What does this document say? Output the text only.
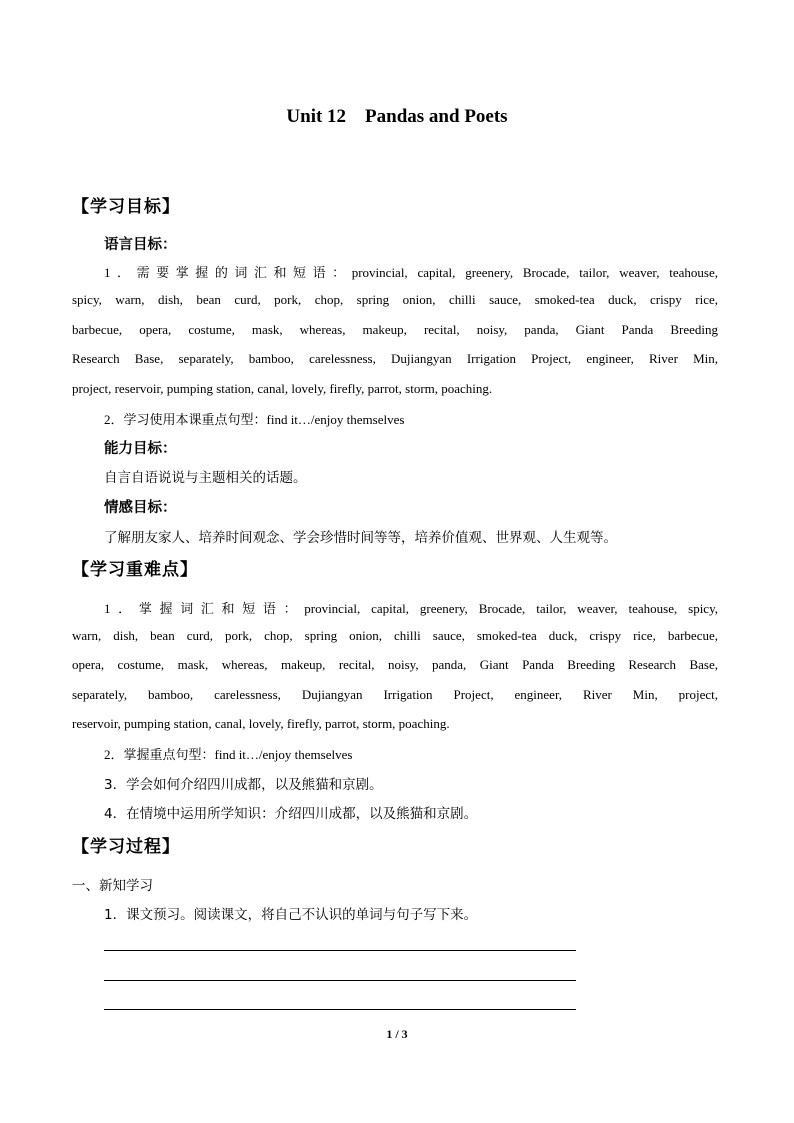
Unit 12    Pandas and Poets
【学习目标】
语言目标：
1．需要掌握的词汇和短语：provincial, capital, greenery, Brocade, tailor, weaver, teahouse,
spicy, warn, dish, bean curd, pork, chop, spring onion, chilli sauce, smoked-tea duck, crispy rice,
barbecue, opera, costume, mask, whereas, makeup, recital, noisy, panda, Giant Panda Breeding
Research Base, separately, bamboo, carelessness, Dujiangyan Irrigation Project, engineer, River Min,
project, reservoir, pumping station, canal, lovely, firefly, parrot, storm, poaching.
2．学习使用本课重点句型：find it…/enjoy themselves
能力目标：
自言自语说说与主题相关的话题。
情感目标：
了解朋友家人、培养时间观念、学会珍惜时间等等，培养价值观、世界观、人生观等。
【学习重难点】
1．掌握词汇和短语：provincial, capital, greenery, Brocade, tailor, weaver, teahouse, spicy,
warn, dish, bean curd, pork, chop, spring onion, chilli sauce, smoked-tea duck, crispy rice, barbecue,
opera, costume, mask, whereas, makeup, recital, noisy, panda, Giant Panda Breeding Research Base,
separately, bamboo, carelessness, Dujiangyan Irrigation Project, engineer, River Min, project,
reservoir, pumping station, canal, lovely, firefly, parrot, storm, poaching.
2．掌握重点句型：find it…/enjoy themselves
3．学会如何介绍四川成都，以及熊猫和京剧。
4．在情境中运用所学知识：介绍四川成都，以及熊猫和京剧。
【学习过程】
一、新知学习
1．课文预习。阅读课文，将自己不认识的单词与句子写下来。
1 / 3
